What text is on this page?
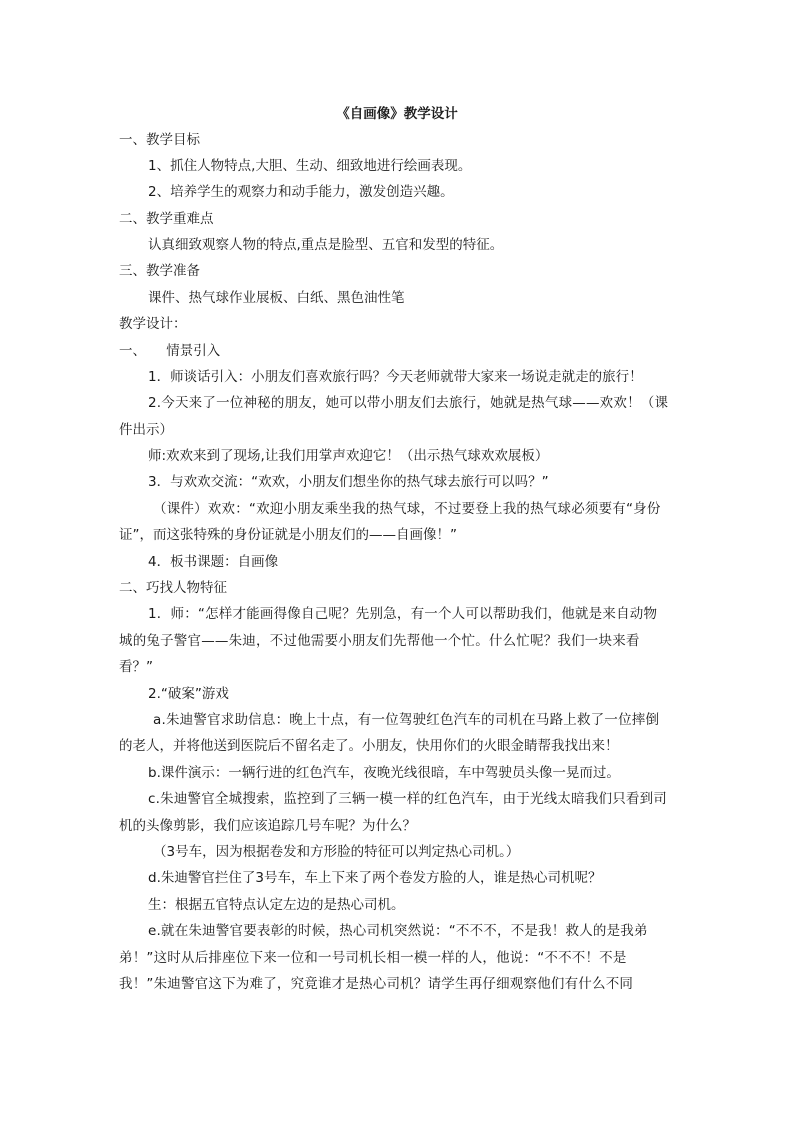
《自画像》教学设计
一、教学目标
1、抓住人物特点,大胆、生动、细致地进行绘画表现。
2、培养学生的观察力和动手能力，激发创造兴趣。
二、教学重难点
认真细致观察人物的特点,重点是脸型、五官和发型的特征。
三、教学准备
课件、热气球作业展板、白纸、黑色油性笔
教学设计：
一、　　情景引入
1．师谈话引入：小朋友们喜欢旅行吗？今天老师就带大家来一场说走就走的旅行！
2.今天来了一位神秘的朋友，她可以带小朋友们去旅行，她就是热气球——欢欢！（课
件出示）
师:欢欢来到了现场,让我们用掌声欢迎它！（出示热气球欢欢展板）
3．与欢欢交流：“欢欢，小朋友们想坐你的热气球去旅行可以吗？”
（课件）欢欢：“欢迎小朋友乘坐我的热气球，不过要登上我的热气球必须要有“身份
证”，而这张特殊的身份证就是小朋友们的——自画像！”
4．板书课题：自画像
二、巧找人物特征
1．师：“怎样才能画得像自己呢？先别急，有一个人可以帮助我们，他就是来自动物
城的兔子警官——朱迪，不过他需要小朋友们先帮他一个忙。什么忙呢？我们一块来看
看？”
2.“破案”游戏
a.朱迪警官求助信息：晚上十点，有一位驾驶红色汽车的司机在马路上救了一位摔倒
的老人，并将他送到医院后不留名走了。小朋友，快用你们的火眼金睛帮我找出来！
b.课件演示：一辆行进的红色汽车，夜晚光线很暗，车中驾驶员头像一晃而过。
c.朱迪警官全城搜索，监控到了三辆一模一样的红色汽车，由于光线太暗我们只看到司
机的头像剪影，我们应该追踪几号车呢？为什么？
（3号车，因为根据卷发和方形脸的特征可以判定热心司机。）
d.朱迪警官拦住了3号车，车上下来了两个卷发方脸的人，谁是热心司机呢？
生：根据五官特点认定左边的是热心司机。
e.就在朱迪警官要表彰的时候，热心司机突然说：“不不不，不是我！救人的是我弟
弟！”这时从后排座位下来一位和一号司机长相一模一样的人，他说：“不不不！不是
我！”朱迪警官这下为难了，究竟谁才是热心司机？请学生再仔细观察他们有什么不同
